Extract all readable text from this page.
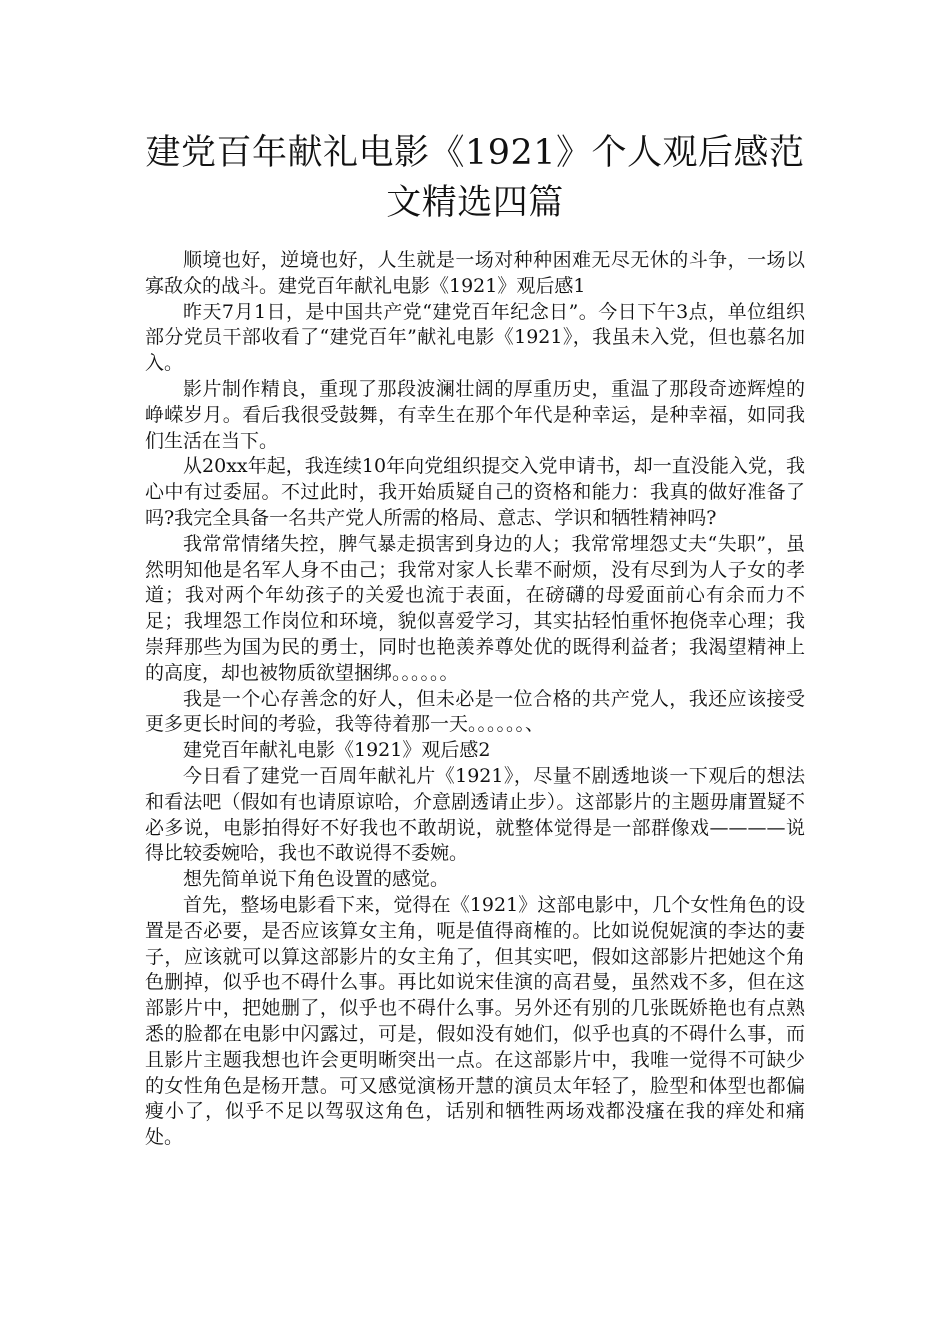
建党百年献礼电影《1921》个人观后感范
文精选四篇

顺境也好，逆境也好，人生就是一场对种种困难无尽无休的斗争，一场以寡敌众的战斗。建党百年献礼电影《1921》观后感1

昨天7月1日，是中国共产党“建党百年纪念日”。今日下午3点，单位组织部分党员干部收看了“建党百年”献礼电影《1921》，我虽未入党，但也慕名加入。

影片制作精良，重现了那段波澜壮阔的厚重历史，重温了那段奇迹辉煌的峥嵘岁月。看后我很受鼓舞，有幸生在那个年代是种幸运，是种幸福，如同我们生活在当下。

从20xx年起，我连续10年向党组织提交入党申请书，却一直没能入党，我心中有过委屈。不过此时，我开始质疑自己的资格和能力：我真的做好准备了吗?我完全具备一名共产党人所需的格局、意志、学识和牺牲精神吗?

我常常情绪失控，脾气暴走损害到身边的人；我常常埋怨丈夫“失职”，虽然明知他是名军人身不由己；我常对家人长辈不耐烦，没有尽到为人子女的孝道；我对两个年幼孩子的关爱也流于表面，在磅礴的母爱面前心有余而力不足；我埋怨工作岗位和环境，貌似喜爱学习，其实拈轻怕重怀抱侥幸心理；我崇拜那些为国为民的勇士，同时也艳羡养尊处优的既得利益者；我渴望精神上的高度，却也被物质欲望捆绑。。。。。。

我是一个心存善念的好人，但未必是一位合格的共产党人，我还应该接受更多更长时间的考验，我等待着那一天。。。。。。、

建党百年献礼电影《1921》观后感2

今日看了建党一百周年献礼片《1921》，尽量不剧透地谈一下观后的想法和看法吧（假如有也请原谅哈，介意剧透请止步）。这部影片的主题毋庸置疑不必多说，电影拍得好不好我也不敢胡说，就整体觉得是一部群像戏————说得比较委婉哈，我也不敢说得不委婉。

想先简单说下角色设置的感觉。

首先，整场电影看下来，觉得在《1921》这部电影中，几个女性角色的设置是否必要，是否应该算女主角，呃是值得商榷的。比如说倪妮演的李达的妻子，应该就可以算这部影片的女主角了，但其实吧，假如这部影片把她这个角色删掉，似乎也不碍什么事。再比如说宋佳演的高君曼，虽然戏不多，但在这部影片中，把她删了，似乎也不碍什么事。另外还有别的几张既娇艳也有点熟悉的脸都在电影中闪露过，可是，假如没有她们，似乎也真的不碍什么事，而且影片主题我想也许会更明晰突出一点。在这部影片中，我唯一觉得不可缺少的女性角色是杨开慧。可又感觉演杨开慧的演员太年轻了，脸型和体型也都偏瘦小了，似乎不足以驾驭这角色，话别和牺牲两场戏都没瘙在我的痒处和痛处。
